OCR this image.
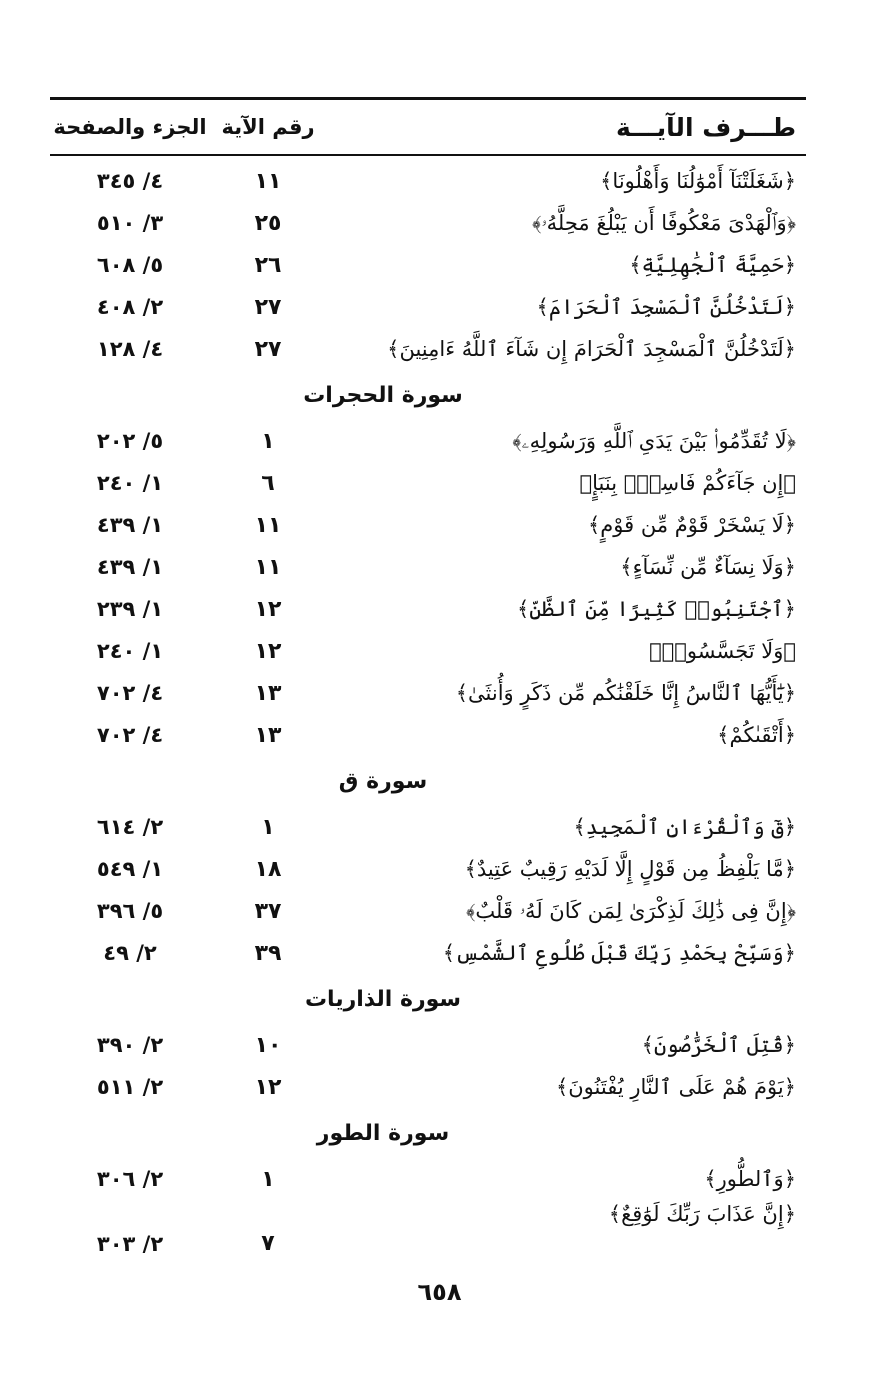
طـــرف الآيـــة
رقم الآية
الجزء والصفحة
﴿شَغَلَتْنَآ أَمْوَٰلُنَا وَأَهْلُونَا﴾
١١
٤/ ٣٤٥
﴿وَٱلْهَدْىَ مَعْكُوفًا أَن يَبْلُغَ مَحِلَّهُۥ﴾
٢٥
٣/ ٥١٠
﴿حَمِيَّةَ ٱلْجَٰهِلِيَّةِ﴾
٢٦
٥/ ٦٠٨
﴿لَتَدْخُلُنَّ ٱلْمَسْجِدَ ٱلْحَرَامَ﴾
٢٧
٢/ ٤٠٨
﴿لَتَدْخُلُنَّ ٱلْمَسْجِدَ ٱلْحَرَامَ إِن شَآءَ ٱللَّهُ ءَامِنِينَ﴾
٢٧
٤/ ١٢٨
سورة الحجرات
﴿لَا تُقَدِّمُوا۟ بَيْنَ يَدَىِ ٱللَّهِ وَرَسُولِهِۦ﴾
١
٥/ ٢٠٢
﴿إِن جَآءَكُمْ فَاسِقٌۢ بِنَبَإٍ﴾
٦
١/ ٢٤٠
﴿لَا يَسْخَرْ قَوْمٌ مِّن قَوْمٍ﴾
١١
١/ ٤٣٩
﴿وَلَا نِسَآءٌ مِّن نِّسَآءٍ﴾
١١
١/ ٤٣٩
﴿ٱجْتَنِبُوا۟ كَثِيرًا مِّنَ ٱلظَّنِّ﴾
١٢
١/ ٢٣٩
﴿وَلَا تَجَسَّسُوا۟﴾
١٢
١/ ٢٤٠
﴿يَٰٓأَيُّهَا ٱلنَّاسُ إِنَّا خَلَقْنَٰكُم مِّن ذَكَرٍ وَأُنثَىٰ﴾
١٣
٤/ ٧٠٢
﴿أَتْقَىٰكُمْ﴾
١٣
٤/ ٧٠٢
سورة ق
﴿قٓ وَٱلْقُرْءَانِ ٱلْمَجِيدِ﴾
١
٢/ ٦١٤
﴿مَّا يَلْفِظُ مِن قَوْلٍ إِلَّا لَدَيْهِ رَقِيبٌ عَتِيدٌ﴾
١٨
١/ ٥٤٩
﴿إِنَّ فِى ذَٰلِكَ لَذِكْرَىٰ لِمَن كَانَ لَهُۥ قَلْبٌ﴾
٣٧
٥/ ٣٩٦
﴿وَسَبِّحْ بِحَمْدِ رَبِّكَ قَبْلَ طُلُوعِ ٱلشَّمْسِ﴾
٣٩
٢/ ٤٩
سورة الذاريات
﴿قُتِلَ ٱلْخَرَّٰصُونَ﴾
١٠
٢/ ٣٩٠
﴿يَوْمَ هُمْ عَلَى ٱلنَّارِ يُفْتَنُونَ﴾
١٢
٢/ ٥١١
سورة الطور
﴿وَٱلطُّورِ﴾
١
٢/ ٣٠٦
﴿إِنَّ عَذَابَ رَبِّكَ لَوَٰقِعٌ﴾
٧
٢/ ٣٠٣
٦٥٨
